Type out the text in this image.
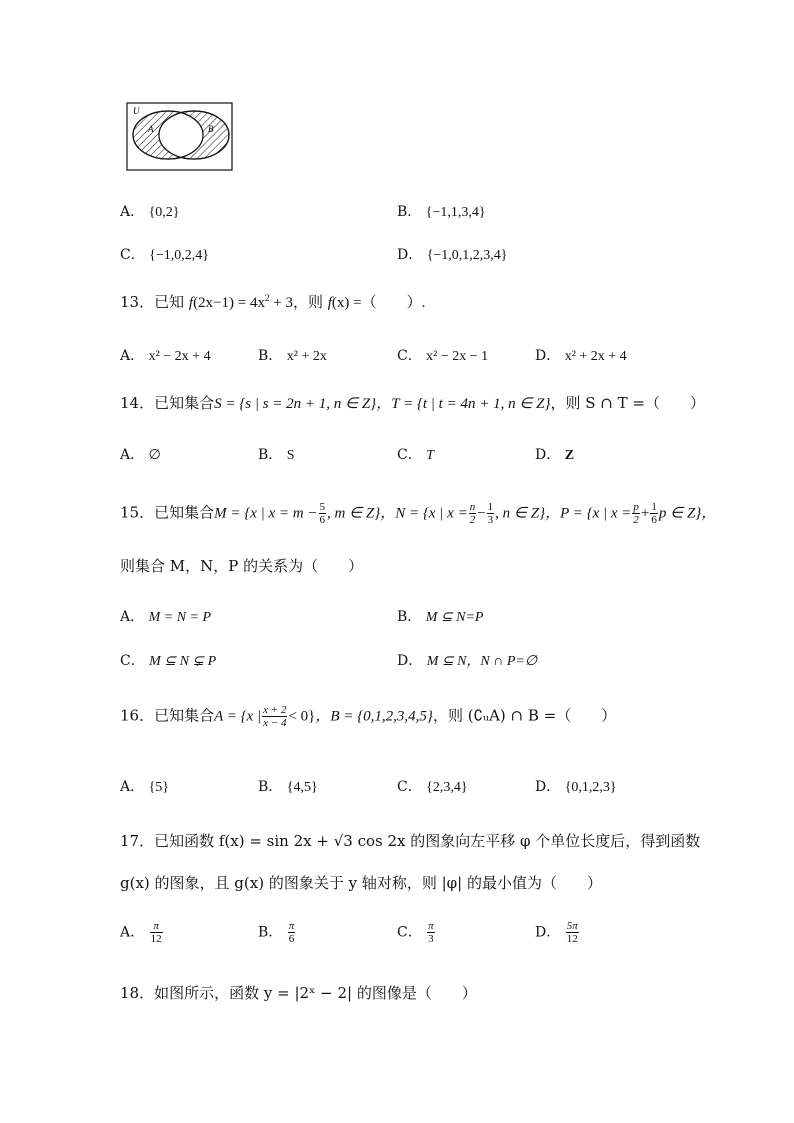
U
A	B
A． {0,2}	B． {−1,1,3,4}
C． {−1,0,2,4}	D． {−1,0,1,2,3,4}
13．已知 $f(2x-1) = 4x^2 + 3$，则 f(x) =（　　）.
A． x² − 2x + 4	B． x² + 2x	C． x² − 2x − 1	D． x² + 2x + 4
14．已知集合S = {s | s = 2n + 1, n ∈ Z}，T = {t | t = 4n + 1, n ∈ Z}，则 S ∩ T =（　　）
A． ∅	B． S	C． T	D． Z
15．已知集合M = {x | $x = m - \frac{5}{6}$ , m ∈ Z}，N = {x | $x = \frac{n}{2} - \frac{1}{3}$ , n ∈ Z}，P = {x | $x = \frac{p}{2} + \frac{1}{6}$ p ∈ Z}，
则集合 M，N，P 的关系为（　　）
A． M = N = P	B． M ⊆ N=P
C． M ⊆ N ⊊ P	D． M ⊆ N，N ∩ P=∅
16．已知集合A = {x | $\frac{x + 2}{x - 4} < 0$}，B = {0,1,2,3,4,5}，则 (∁ᵤA) ∩ B =（　　）
A． {5}	B． {4,5}	C． {2,3,4}	D． {0,1,2,3}
17．已知函数 f(x) = sin 2x + √3 cos 2x 的图象向左平移 φ 个单位长度后，得到函数
g(x) 的图象，且 g(x) 的图象关于 y 轴对称，则 |φ| 的最小值为（　　）
A． $\frac{\pi}{12}$	B． $\frac{\pi}{6}$	C． $\frac{\pi}{3}$	D． $\frac{5\pi}{12}$
18．如图所示，函数 y = |2ˣ − 2| 的图像是（　　）
